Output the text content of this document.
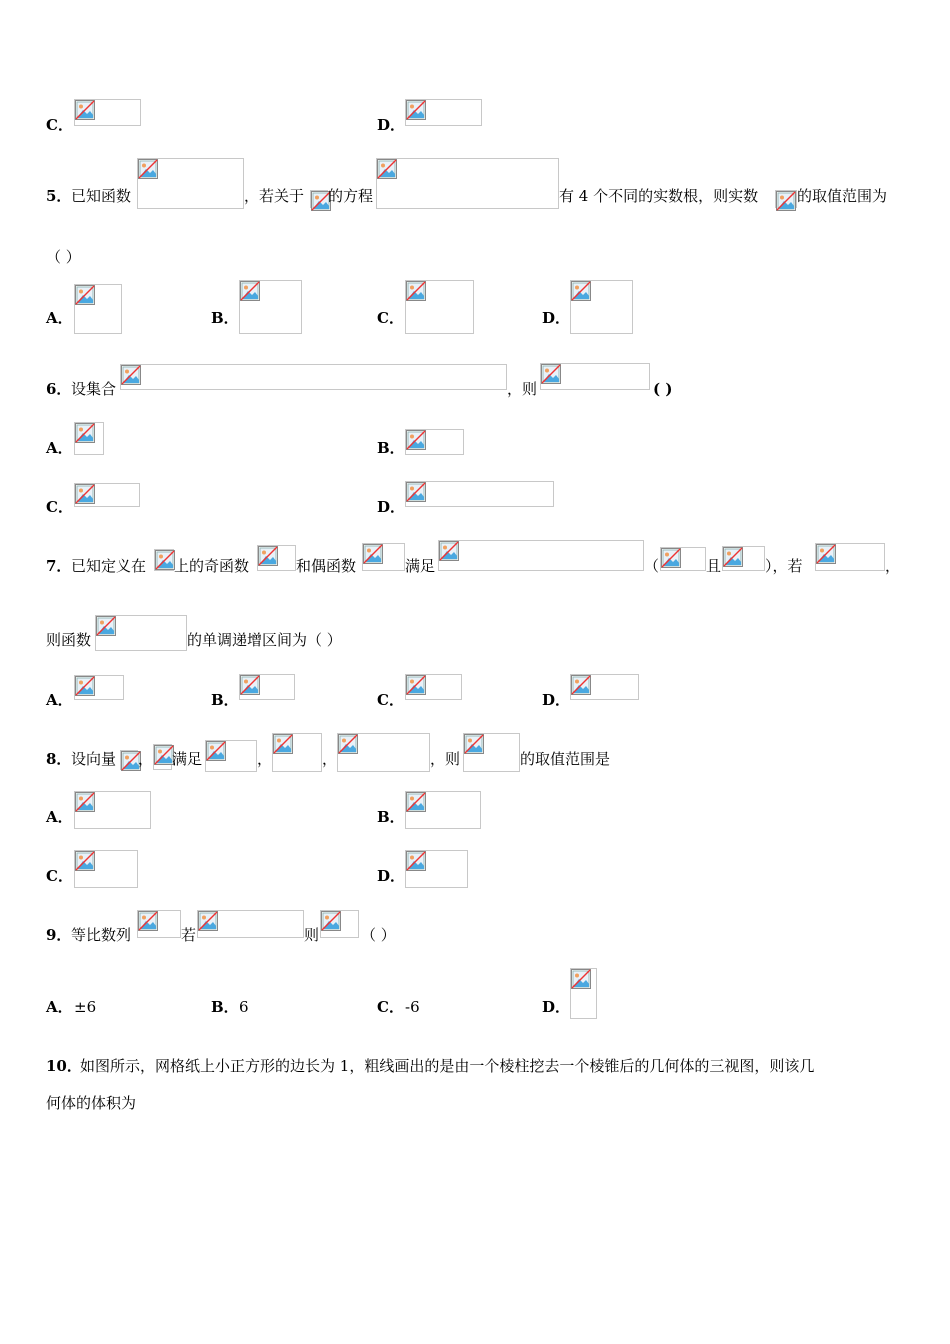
C．	D．
5． 已知函数	，若关于 的方程	有 4 个不同的实数根，则实数	的取值范围为
（ ）
A．	B．	C．	D．
6． 设集合	，则	( )
A．	B．
C．	D．
7． 已知定义在 上的奇函数	和偶函数	满足	（	且	），若	，
则函数	的单调递增区间为（ ）
A．	B．	C．	D．
8． 设向量 ， 满足	，	，	，则	的取值范围是
A．	B．
C．	D．
9． 等比数列	若	则	（ ）
A． ±6	B． 6	C． -6	D．
10．
如图所示，网格纸上小正方形的边长为 1，粗线画出的是由一个棱柱挖去一个棱锥后的几何体的三视图，则该几
何体的体积为
